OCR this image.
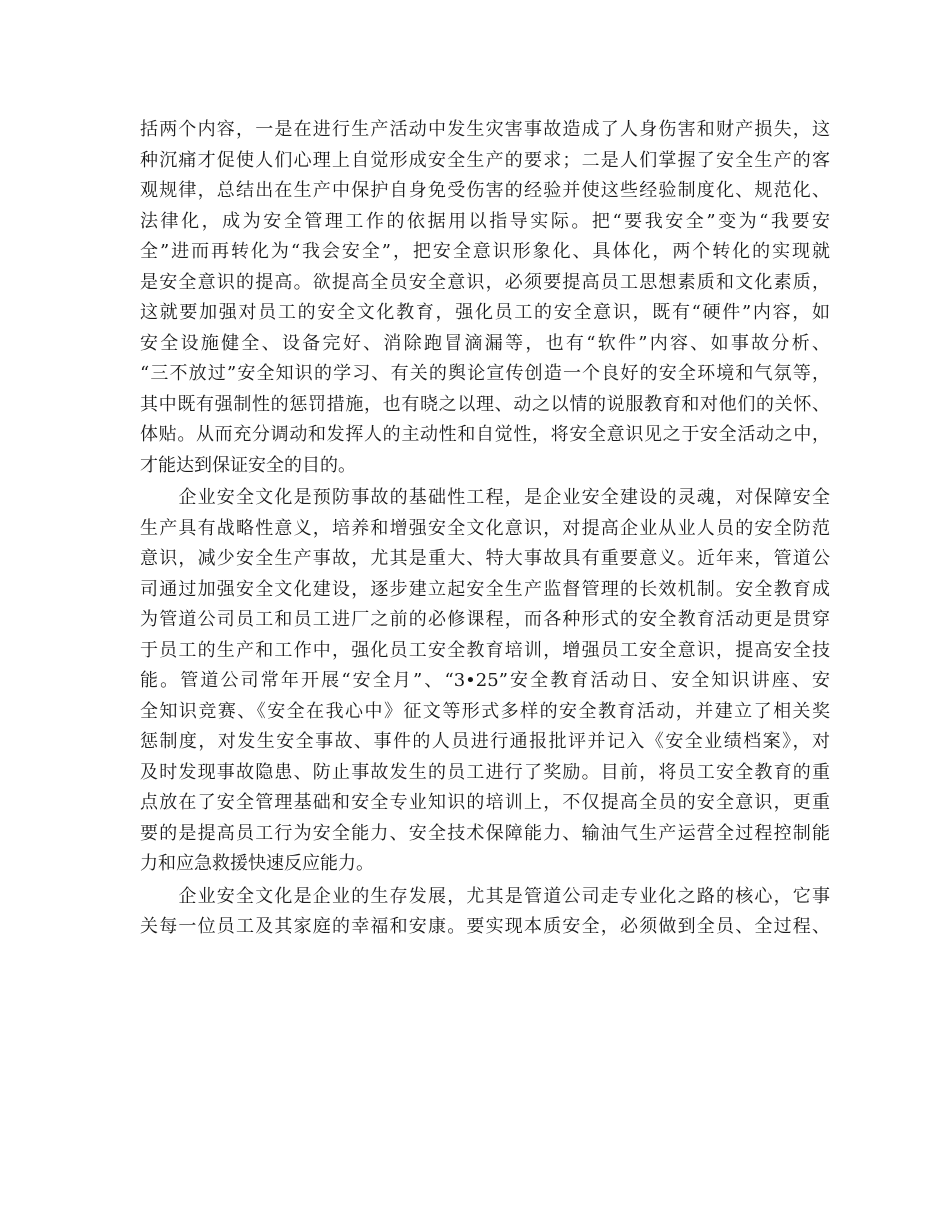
括两个内容，一是在进行生产活动中发生灾害事故造成了人身伤害和财产损失，这
种沉痛才促使人们心理上自觉形成安全生产的要求；二是人们掌握了安全生产的客
观规律，总结出在生产中保护自身免受伤害的经验并使这些经验制度化、规范化、
法律化，成为安全管理工作的依据用以指导实际。把“要我安全”变为“我要安
全”进而再转化为“我会安全”，把安全意识形象化、具体化，两个转化的实现就
是安全意识的提高。欲提高全员安全意识，必须要提高员工思想素质和文化素质，
这就要加强对员工的安全文化教育，强化员工的安全意识，既有“硬件”内容，如
安全设施健全、设备完好、消除跑冒滴漏等，也有“软件”内容、如事故分析、
“三不放过”安全知识的学习、有关的舆论宣传创造一个良好的安全环境和气氛等，
其中既有强制性的惩罚措施，也有晓之以理、动之以情的说服教育和对他们的关怀、
体贴。从而充分调动和发挥人的主动性和自觉性，将安全意识见之于安全活动之中，
才能达到保证安全的目的。
　　企业安全文化是预防事故的基础性工程，是企业安全建设的灵魂，对保障安全
生产具有战略性意义，培养和增强安全文化意识，对提高企业从业人员的安全防范
意识，减少安全生产事故，尤其是重大、特大事故具有重要意义。近年来，管道公
司通过加强安全文化建设，逐步建立起安全生产监督管理的长效机制。安全教育成
为管道公司员工和员工进厂之前的必修课程，而各种形式的安全教育活动更是贯穿
于员工的生产和工作中，强化员工安全教育培训，增强员工安全意识，提高安全技
能。管道公司常年开展“安全月”、“3•25”安全教育活动日、安全知识讲座、安
全知识竞赛、《安全在我心中》征文等形式多样的安全教育活动，并建立了相关奖
惩制度，对发生安全事故、事件的人员进行通报批评并记入《安全业绩档案》，对
及时发现事故隐患、防止事故发生的员工进行了奖励。目前，将员工安全教育的重
点放在了安全管理基础和安全专业知识的培训上，不仅提高全员的安全意识，更重
要的是提高员工行为安全能力、安全技术保障能力、输油气生产运营全过程控制能
力和应急救援快速反应能力。
　　企业安全文化是企业的生存发展，尤其是管道公司走专业化之路的核心，它事
关每一位员工及其家庭的幸福和安康。要实现本质安全，必须做到全员、全过程、
